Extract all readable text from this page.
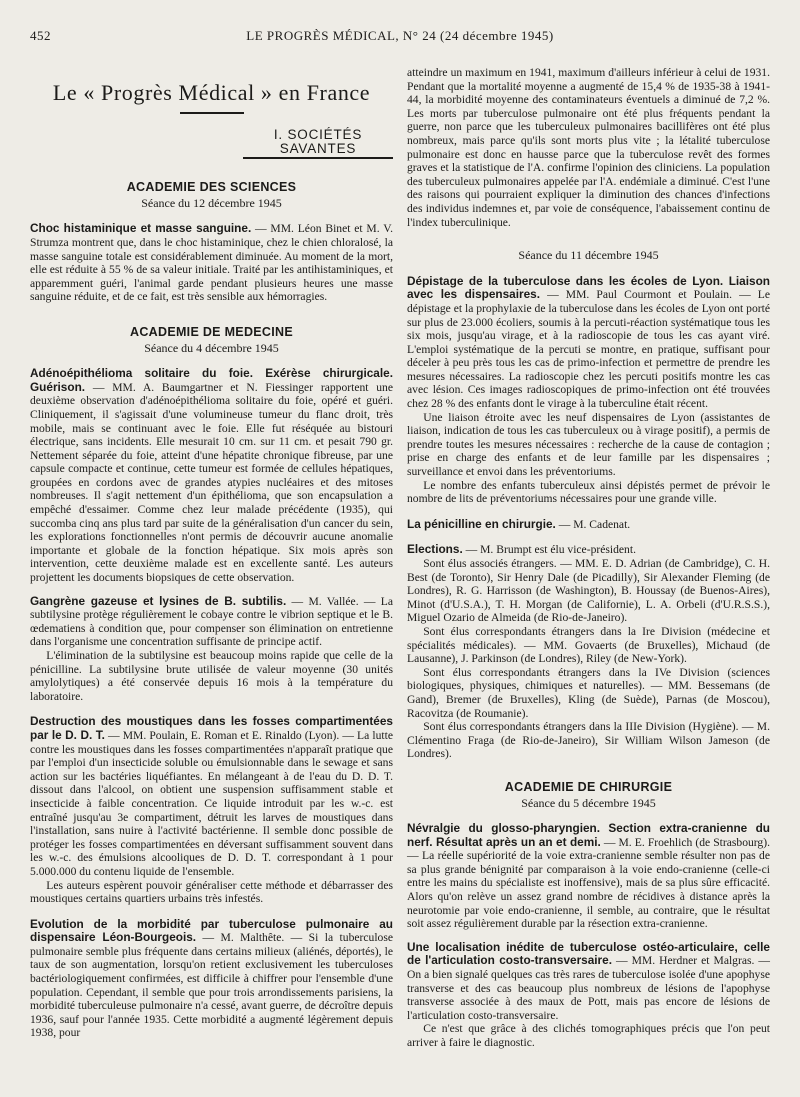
452	LE PROGRÈS MÉDICAL, N° 24 (24 décembre 1945)
Le « Progrès Médical » en France
I. SOCIÉTÉS SAVANTES
ACADEMIE DES SCIENCES
Séance du 12 décembre 1945

Choc histaminique et masse sanguine. — MM. Léon Binet et M. V. Strumza montrent que, dans le choc histaminique, chez le chien chloralosé, la masse sanguine totale est considérablement diminuée. Au moment de la mort, elle est réduite à 55 % de sa valeur initiale. Traité par les antihistaminiques, et apparemment guéri, l'animal garde pendant plusieurs heures une masse sanguine réduite, et de ce fait, est très sensible aux hémorragies.

ACADEMIE DE MEDECINE
Séance du 4 décembre 1945

Adénoépithélioma solitaire du foie. Exérèse chirurgicale. Guérison. — MM. A. Baumgartner et N. Fiessinger rapportent une deuxième observation d'adénoépithélioma solitaire du foie, opéré et guéri. Cliniquement, il s'agissait d'une volumineuse tumeur du flanc droit, très mobile, mais se continuant avec le foie. Elle fut réséquée au bistouri électrique, sans incidents. Elle mesurait 10 cm. sur 11 cm. et pesait 790 gr. Nettement séparée du foie, atteint d'une hépatite chronique fibreuse, par une capsule compacte et continue, cette tumeur est formée de cellules hépatiques, groupées en cordons avec de grandes atypies nucléaires et des mitoses nombreuses. Il s'agit nettement d'un épithélioma, que son encapsulation a empêché d'essaimer. Comme chez leur malade précédente (1935), qui succomba cinq ans plus tard par suite de la généralisation d'un cancer du sein, les explorations fonctionnelles n'ont permis de découvrir aucune anomalie importante et globale de la fonction hépatique. Six mois après son intervention, cette deuxième malade est en excellente santé. Les auteurs projettent les documents biopsiques de cette observation.

Gangrène gazeuse et lysines de B. subtilis. — M. Vallée. — La subtilysine protège régulièrement le cobaye contre le vibrion septique et le B. œdematiens à condition que, pour compenser son élimination on entretienne dans l'organisme une concentration suffisante de principe actif.

L'élimination de la subtilysine est beaucoup moins rapide que celle de la pénicilline. La subtilysine brute utilisée de valeur moyenne (30 unités amylolytiques) a été conservée depuis 16 mois à la température du laboratoire.

Destruction des moustiques dans les fosses compartimentées par le D. D. T. — MM. Poulain, E. Roman et E. Rinaldo (Lyon). — La lutte contre les moustiques dans les fosses compartimentées n'apparaît pratique que par l'emploi d'un insecticide soluble ou émulsionnable dans le sewage et sans action sur les bactéries liquéfiantes. En mélangeant à de l'eau du D. D. T. dissout dans l'alcool, on obtient une suspension suffisamment stable et insecticide à faible concentration. Ce liquide introduit par les w.-c. est entraîné jusqu'au 3e compartiment, détruit les larves de moustiques dans l'installation, sans nuire à l'activité bactérienne. Il semble donc possible de protéger les fosses compartimentées en déversant suffisamment souvent dans les w.-c. des émulsions alcooliques de D. D. T. correspondant à 1 pour 5.000.000 du contenu liquide de l'ensemble.

Les auteurs espèrent pouvoir généraliser cette méthode et débarrasser des moustiques certains quartiers urbains très infestés.

Evolution de la morbidité par tuberculose pulmonaire au dispensaire Léon-Bourgeois. — M. Malthête. — Si la tuberculose pulmonaire semble plus fréquente dans certains milieux (aliénés, déportés), le taux de son augmentation, lorsqu'on retient exclusivement les tuberculoses bactériologiquement confirmées, est difficile à chiffrer pour l'ensemble d'une population. Cependant, il semble que pour trois arrondissements parisiens, la morbidité tuberculeuse pulmonaire n'a cessé, avant guerre, de décroître depuis 1936, sauf pour l'année 1935. Cette morbidité a augmenté légèrement depuis 1938, pour

atteindre un maximum en 1941, maximum d'ailleurs inférieur à celui de 1931. Pendant que la mortalité moyenne a augmenté de 15,4 % de 1935-38 à 1941-44, la morbidité moyenne des contaminateurs éventuels a diminué de 7,2 %. Les morts par tuberculose pulmonaire ont été plus fréquents pendant la guerre, non parce que les tuberculeux pulmonaires bacillifères ont été plus nombreux, mais parce qu'ils sont morts plus vite ; la létalité tuberculose pulmonaire est donc en hausse parce que la tuberculose revêt des formes graves et la statistique de l'A. confirme l'opinion des cliniciens. La population des tuberculeux pulmonaires appelée par l'A. endémiale a diminué. C'est l'une des raisons qui pourraient expliquer la diminution des chances d'infections des individus indemnes et, par voie de conséquence, l'abaissement continu de l'index tuberculinique.

Séance du 11 décembre 1945

Dépistage de la tuberculose dans les écoles de Lyon. Liaison avec les dispensaires. — MM. Paul Courmont et Poulain. — Le dépistage et la prophylaxie de la tuberculose dans les écoles de Lyon ont porté sur plus de 23.000 écoliers, soumis à la percuti-réaction systématique tous les six mois, jusqu'au virage, et à la radioscopie de tous les cas ayant viré. L'emploi systématique de la percuti se montre, en pratique, suffisant pour déceler à peu près tous les cas de primo-infection et permettre de prendre les mesures nécessaires. La radioscopie chez les percuti positifs montre les cas avec lésion. Ces images radioscopiques de primo-infection ont été trouvées chez 28 % des enfants dont le virage à la tuberculine était récent.

Une liaison étroite avec les neuf dispensaires de Lyon (assistantes de liaison, indication de tous les cas tuberculeux ou à virage positif), a permis de prendre toutes les mesures nécessaires : recherche de la cause de contagion ; prise en charge des enfants et de leur famille par les dispensaires ; surveillance et envoi dans les préventoriums.

Le nombre des enfants tuberculeux ainsi dépistés permet de prévoir le nombre de lits de préventoriums nécessaires pour une grande ville.

La pénicilline en chirurgie. — M. Cadenat.

Elections. — M. Brumpt est élu vice-président.

Sont élus associés étrangers. — MM. E. D. Adrian (de Cambridge), C. H. Best (de Toronto), Sir Henry Dale (de Picadilly), Sir Alexander Fleming (de Londres), R. G. Harrisson (de Washington), B. Houssay (de Buenos-Aires), Minot (d'U.S.A.), T. H. Morgan (de Californie), L. A. Orbeli (d'U.R.S.S.), Miguel Ozario de Almeida (de Rio-de-Janeiro).

Sont élus correspondants étrangers dans la Ire Division (médecine et spécialités médicales). — MM. Govaerts (de Bruxelles), Michaud (de Lausanne), J. Parkinson (de Londres), Riley (de New-York).

Sont élus correspondants étrangers dans la IVe Division (sciences biologiques, physiques, chimiques et naturelles). — MM. Bessemans (de Gand), Bremer (de Bruxelles), Kling (de Suède), Parnas (de Moscou), Racovitza (de Roumanie).

Sont élus correspondants étrangers dans la IIIe Division (Hygiène). — M. Clémentino Fraga (de Rio-de-Janeiro), Sir William Wilson Jameson (de Londres).

ACADEMIE DE CHIRURGIE
Séance du 5 décembre 1945

Névralgie du glosso-pharyngien. Section extra-cranienne du nerf. Résultat après un an et demi. — M. E. Froehlich (de Strasbourg). — La réelle supériorité de la voie extra-cranienne semble résulter non pas de sa plus grande bénignité par comparaison à la voie endo-cranienne (celle-ci entre les mains du spécialiste est inoffensive), mais de sa plus sûre efficacité. Alors qu'on relève un assez grand nombre de récidives à distance après la neurotomie par voie endo-cranienne, il semble, au contraire, que le résultat soit assez régulièrement durable par la résection extra-cranienne.

Une localisation inédite de tuberculose ostéo-articulaire, celle de l'articulation costo-transversaire. — MM. Herdner et Malgras. — On a bien signalé quelques cas très rares de tuberculose isolée d'une apophyse transverse et des cas beaucoup plus nombreux de lésions de l'apophyse transverse associée à des maux de Pott, mais pas encore de lésions de l'articulation costo-transversaire.

Ce n'est que grâce à des clichés tomographiques précis que l'on peut arriver à faire le diagnostic.
